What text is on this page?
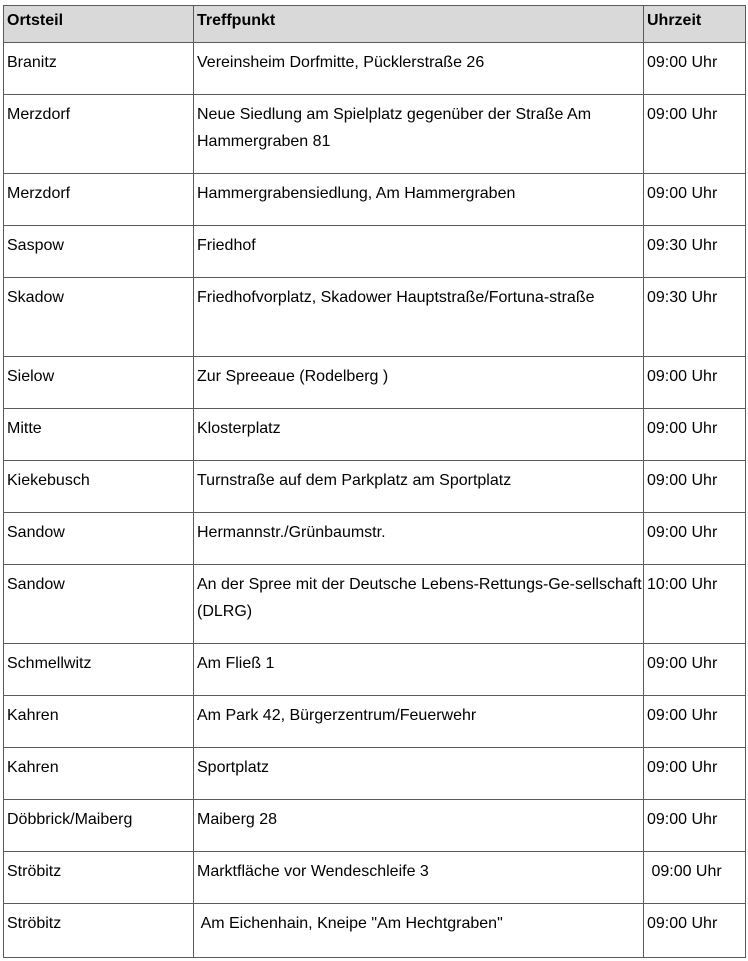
Ortsteil	Treffpunkt	Uhrzeit
Branitz	Vereinsheim Dorfmitte, Pücklerstraße 26	09:00 Uhr
Merzdorf	Neue Siedlung am Spielplatz gegenüber der Straße Am Hammergraben 81	09:00 Uhr
Merzdorf	Hammergrabensiedlung, Am Hammergraben	09:00 Uhr
Saspow	Friedhof	09:30 Uhr
Skadow	Friedhofvorplatz, Skadower Hauptstraße/Fortuna-straße	09:30 Uhr
Sielow	Zur Spreeaue (Rodelberg )	09:00 Uhr
Mitte	Klosterplatz	09:00 Uhr
Kiekebusch	Turnstraße auf dem Parkplatz am Sportplatz	09:00 Uhr
Sandow	Hermannstr./Grünbaumstr.	09:00 Uhr
Sandow	An der Spree mit der Deutsche Lebens-Rettungs-Ge-sellschaft (DLRG)	10:00 Uhr
Schmellwitz	Am Fließ 1	09:00 Uhr
Kahren	Am Park 42, Bürgerzentrum/Feuerwehr	09:00 Uhr
Kahren	Sportplatz	09:00 Uhr
Döbbrick/Maiberg	Maiberg 28	09:00 Uhr
Ströbitz	Marktfläche vor Wendeschleife 3	09:00 Uhr
Ströbitz	Am Eichenhain, Kneipe "Am Hechtgraben"	09:00 Uhr
